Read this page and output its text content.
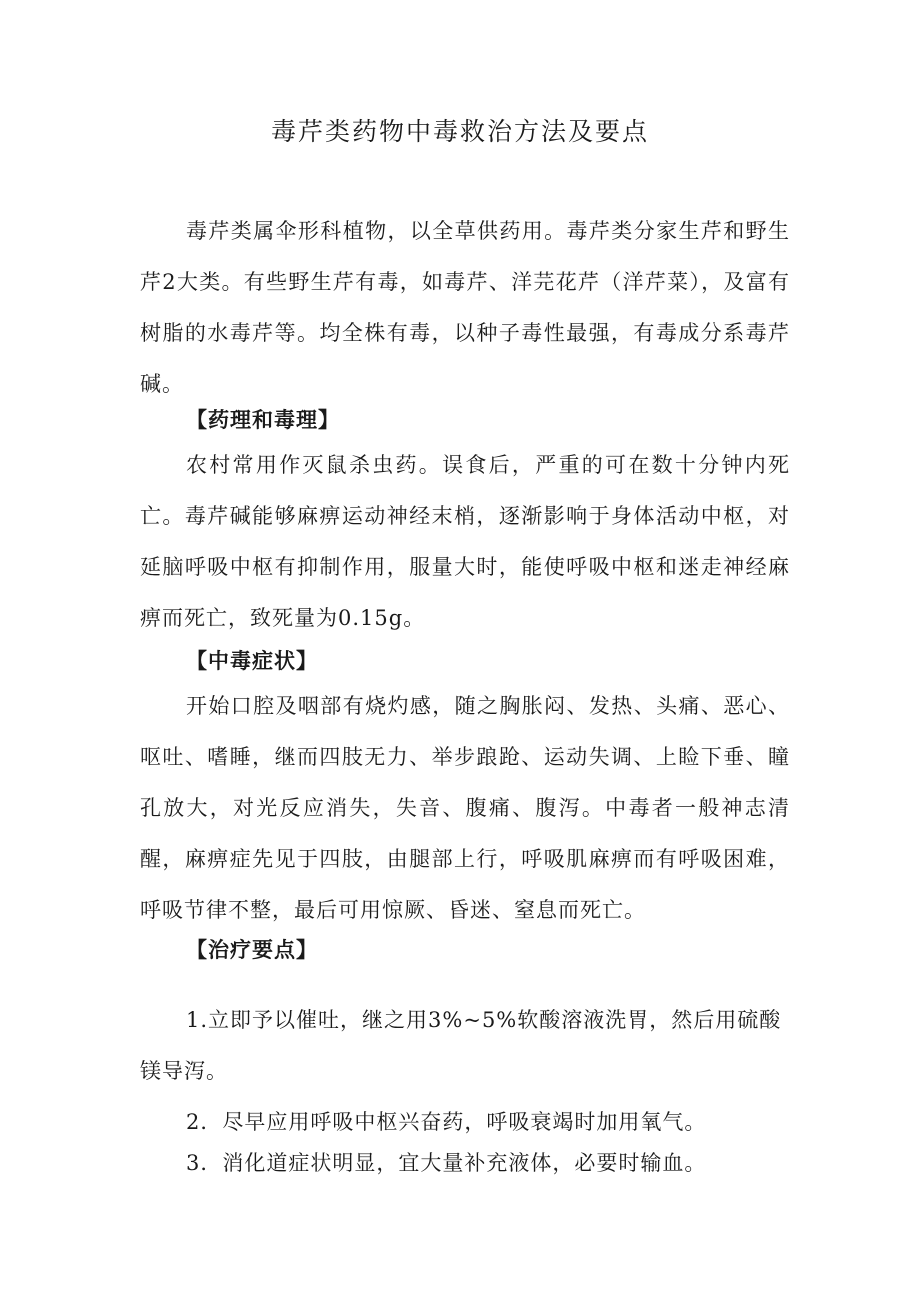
毒芹类药物中毒救治方法及要点

毒芹类属伞形科植物，以全草供药用。毒芹类分家生芹和野生芹2大类。有些野生芹有毒，如毒芹、洋芫花芹（洋芹菜），及富有树脂的水毒芹等。均全株有毒，以种子毒性最强，有毒成分系毒芹碱。

【药理和毒理】

农村常用作灭鼠杀虫药。误食后，严重的可在数十分钟内死亡。毒芹碱能够麻痹运动神经末梢，逐渐影响于身体活动中枢，对延脑呼吸中枢有抑制作用，服量大时，能使呼吸中枢和迷走神经麻痹而死亡，致死量为0.15g。

【中毒症状】

开始口腔及咽部有烧灼感，随之胸胀闷、发热、头痛、恶心、呕吐、嗜睡，继而四肢无力、举步踉跄、运动失调、上睑下垂、瞳孔放大，对光反应消失，失音、腹痛、腹泻。中毒者一般神志清醒，麻痹症先见于四肢，由腿部上行，呼吸肌麻痹而有呼吸困难，呼吸节律不整，最后可用惊厥、昏迷、窒息而死亡。

【治疗要点】

1.立即予以催吐，继之用3%~5%软酸溶液洗胃，然后用硫酸镁导泻。

2．尽早应用呼吸中枢兴奋药，呼吸衰竭时加用氧气。

3．消化道症状明显，宜大量补充液体，必要时输血。
